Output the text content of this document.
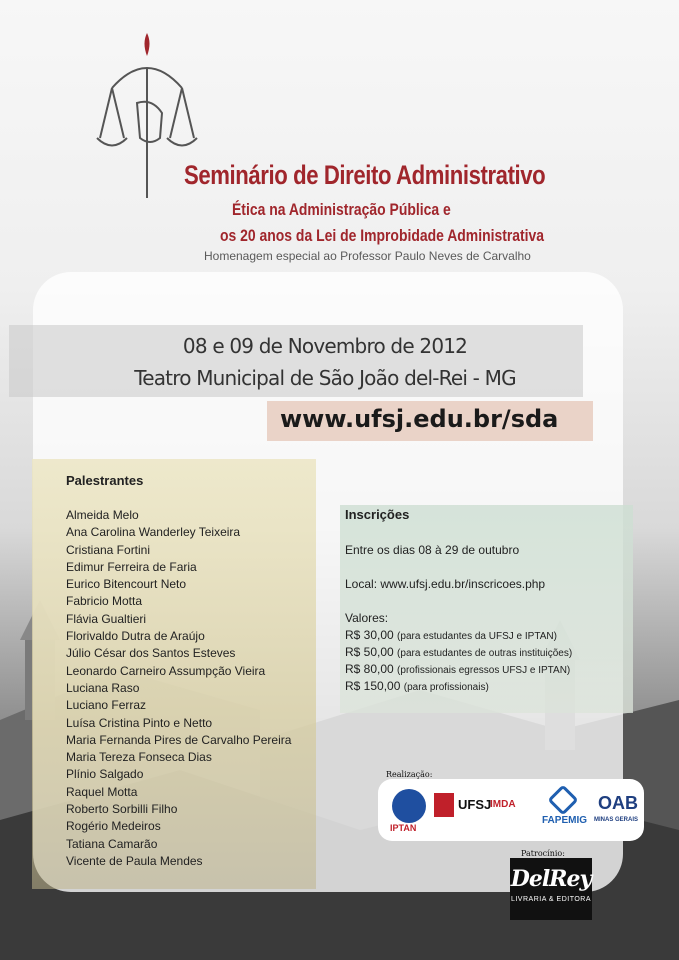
Seminário de Direito Administrativo
Ética na Administração Pública e
os 20 anos da Lei de Improbidade Administrativa
Homenagem especial ao Professor Paulo Neves de Carvalho
08 e 09 de Novembro de 2012
Teatro Municipal de São João del-Rei - MG
www.ufsj.edu.br/sda
Palestrantes
Almeida Melo
Ana Carolina Wanderley Teixeira
Cristiana Fortini
Edimur Ferreira de Faria
Eurico Bitencourt Neto
Fabricio Motta
Flávia Gualtieri
Florivaldo Dutra de Araújo
Júlio César dos Santos Esteves
Leonardo Carneiro Assumpção Vieira
Luciana Raso
Luciano Ferraz
Luísa Cristina Pinto e Netto
Maria Fernanda Pires de Carvalho Pereira
Maria Tereza Fonseca Dias
Plínio Salgado
Raquel Motta
Roberto Sorbilli Filho
Rogério Medeiros
Tatiana Camarão
Vicente de Paula Mendes
Inscrições
Entre os dias 08 à 29 de outubro
Local: www.ufsj.edu.br/inscricoes.php
Valores:
R$ 30,00 (para estudantes da UFSJ e IPTAN)
R$ 50,00 (para estudantes de outras instituições)
R$ 80,00 (profissionais egressos UFSJ e IPTAN)
R$ 150,00 (para profissionais)
Realização:
IPTAN
UFSJ
IMDA
FAPEMIG
OAB
MINAS GERAIS
Patrocínio:
DelRey
LIVRARIA & EDITORA
